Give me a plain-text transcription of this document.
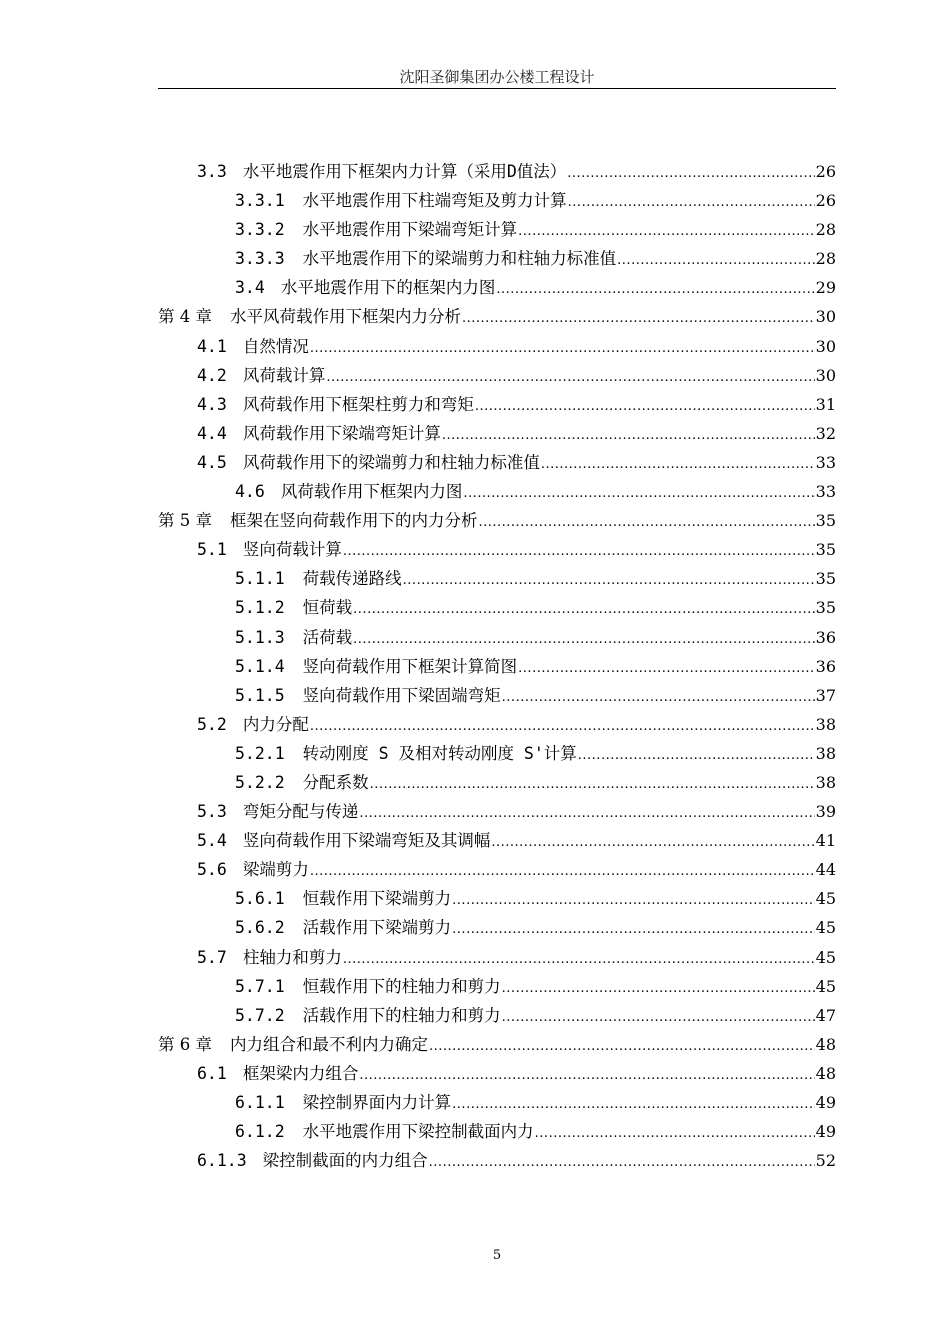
沈阳圣御集团办公楼工程设计
3.3 水平地震作用下框架内力计算（采用D值法） .....	26
3.3.1 水平地震作用下柱端弯矩及剪力计算 .....	26
3.3.2 水平地震作用下梁端弯矩计算 .....	28
3.3.3 水平地震作用下的梁端剪力和柱轴力标准值 .....	28
3.4 水平地震作用下的框架内力图 .....	29
第 4 章 水平风荷载作用下框架内力分析 .....	30
4.1 自然情况 .....	30
4.2 风荷载计算 .....	30
4.3 风荷载作用下框架柱剪力和弯矩 .....	31
4.4 风荷载作用下梁端弯矩计算 .....	32
4.5 风荷载作用下的梁端剪力和柱轴力标准值 .....	33
4.6 风荷载作用下框架内力图 .....	33
第 5 章 框架在竖向荷载作用下的内力分析 .....	35
5.1 竖向荷载计算 .....	35
5.1.1 荷载传递路线 .....	35
5.1.2 恒荷载 .....	35
5.1.3 活荷载 .....	36
5.1.4 竖向荷载作用下框架计算简图 .....	36
5.1.5 竖向荷载作用下梁固端弯矩 .....	37
5.2 内力分配 .....	38
5.2.1 转动刚度 S 及相对转动刚度 S'计算 .....	38
5.2.2 分配系数 .....	38
5.3 弯矩分配与传递 .....	39
5.4 竖向荷载作用下梁端弯矩及其调幅 .....	41
5.6 梁端剪力 .....	44
5.6.1 恒载作用下梁端剪力 .....	45
5.6.2 活载作用下梁端剪力 .....	45
5.7 柱轴力和剪力 .....	45
5.7.1 恒载作用下的柱轴力和剪力 .....	45
5.7.2 活载作用下的柱轴力和剪力 .....	47
第 6 章 内力组合和最不利内力确定 .....	48
6.1 框架梁内力组合 .....	48
6.1.1 梁控制界面内力计算 .....	49
6.1.2 水平地震作用下梁控制截面内力 .....	49
6.1.3 梁控制截面的内力组合 .....	52
5
